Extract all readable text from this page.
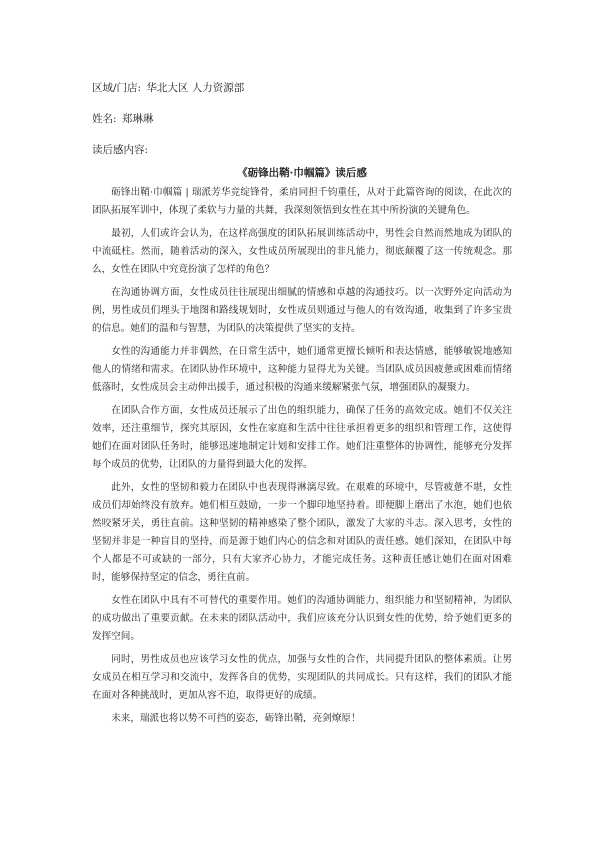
区域/门店: 华北大区 人力资源部
姓名: 郑琳琳
读后感内容:
《砺锋出鞘·巾帼篇》读后感

砺锋出鞘·巾帼篇 | 瑞派芳华竞绽锋骨，柔肩同担千钧重任，从对于此篇咨询的阅读，在此次的团队拓展军训中，体现了柔软与力量的共舞，我深刻领悟到女性在其中所扮演的关键角色。

最初，人们或许会认为，在这样高强度的团队拓展训练活动中，男性会自然而然地成为团队的中流砥柱。然而，随着活动的深入，女性成员所展现出的非凡能力，彻底颠覆了这一传统观念。那么，女性在团队中究竟扮演了怎样的角色？

在沟通协调方面，女性成员往往展现出细腻的情感和卓越的沟通技巧。以一次野外定向活动为例，男性成员们埋头于地图和路线规划时，女性成员则通过与他人的有效沟通，收集到了许多宝贵的信息。她们的温和与智慧，为团队的决策提供了坚实的支持。

女性的沟通能力并非偶然，在日常生活中，她们通常更擅长倾听和表达情感，能够敏锐地感知他人的情绪和需求。在团队协作环境中，这种能力显得尤为关键。当团队成员因疲惫或困难而情绪低落时，女性成员会主动伸出援手，通过积极的沟通来缓解紧张气氛，增强团队的凝聚力。

在团队合作方面，女性成员还展示了出色的组织能力，确保了任务的高效完成。她们不仅关注效率，还注重细节，探究其原因，女性在家庭和生活中往往承担着更多的组织和管理工作，这使得她们在面对团队任务时，能够迅速地制定计划和安排工作。她们注重整体的协调性，能够充分发挥每个成员的优势，让团队的力量得到最大化的发挥。

此外，女性的坚韧和毅力在团队中也表现得淋漓尽致。在艰难的环境中，尽管疲惫不堪，女性成员们却始终没有放弃。她们相互鼓励，一步一个脚印地坚持着。即便脚上磨出了水泡，她们也依然咬紧牙关，勇往直前。这种坚韧的精神感染了整个团队，激发了大家的斗志。深入思考，女性的坚韧并非是一种盲目的坚持，而是源于她们内心的信念和对团队的责任感。她们深知，在团队中每个人都是不可或缺的一部分，只有大家齐心协力，才能完成任务。这种责任感让她们在面对困难时，能够保持坚定的信念，勇往直前。

女性在团队中具有不可替代的重要作用。她们的沟通协调能力、组织能力和坚韧精神，为团队的成功做出了重要贡献。在未来的团队活动中，我们应该充分认识到女性的优势，给予她们更多的发挥空间。

同时，男性成员也应该学习女性的优点，加强与女性的合作，共同提升团队的整体素质。让男女成员在相互学习和交流中，发挥各自的优势，实现团队的共同成长。只有这样，我们的团队才能在面对各种挑战时，更加从容不迫，取得更好的成绩。

未来，瑞派也将以势不可挡的姿态，砺锋出鞘，亮剑燎原！
